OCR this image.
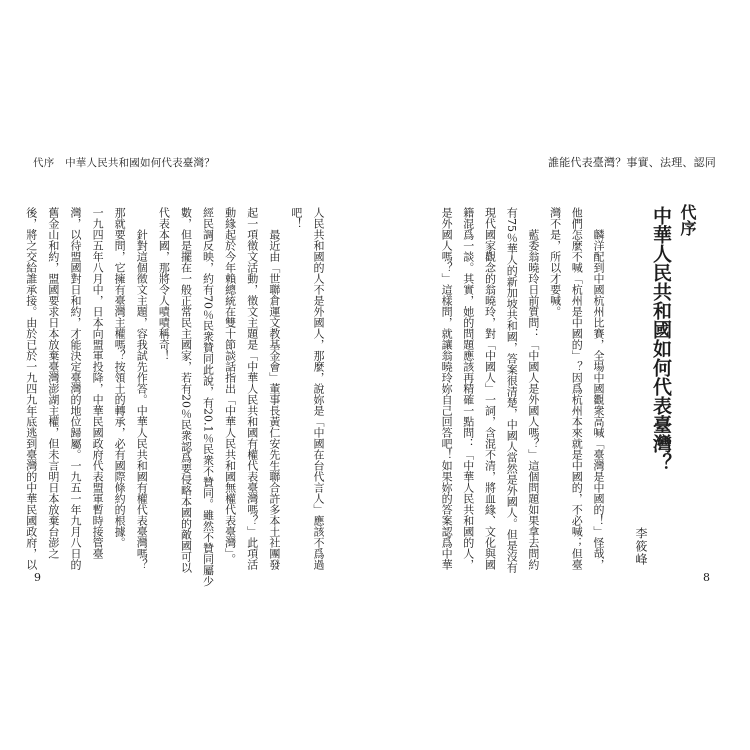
代序　中華人民共和國如何代表臺灣？
人民共和國的人不是外國人，那麼，說妳是「中國在台代言人」應該不爲過
吧！
最近由「世聯倉運文教基金會」董事長黃仁安先生聯合許多本土社團發
起一項徵文活動，徵文主題是「中華人民共和國有權代表臺灣嗎？」此項活
動緣起於今年賴總統在雙十節談話指出「中華人民共和國無權代表臺灣」。
經民調反映，約有70％民衆贊同此說，有20.1％民衆不贊同。雖然不贊同屬少
數，但是擺在一般正常民主國家，若有20％民衆認爲要侵略本國的敵國可以
代表本國，那將令人嘖嘖稱奇！
針對這個徵文主題，容我試先作答。中華人民共和國有權代表臺灣嗎？
那就要問，它擁有臺灣主權嗎？按領土的轉承，必有國際條約的根據。
一九四五年八月中，日本向盟軍投降，中華民國政府代表盟軍暫時接管臺
灣，以待盟國對日和約，才能決定臺灣的地位歸屬。一九五一年九月八日的
舊金山和約，盟國要求日本放棄臺灣澎湖主權，但未言明日本放棄台澎之
後，將之交給誰承接。由於已於一九四九年底逃到臺灣的中華民國政府，以
9
誰能代表臺灣？事實、法理、認同
代序
中華人民共和國如何代表臺灣？
李筱峰
麟洋配到中國杭州比賽，全場中國觀衆高喊「臺灣是中國的！」怪哉，
他們怎麼不喊「杭州是中國的」？因爲杭州本來就是中國的，不必喊；但臺
灣不是，所以才要喊。
藍委翁曉玲日前質問：「中國人是外國人嗎？」這個問題如果拿去問約
有75％華人的新加坡共和國，答案很清楚，中國人當然是外國人。但是沒有
現代國家觀念的翁曉玲，對「中國人」一詞，含混不清，將血緣、文化與國
籍混爲一談。其實，她的問題應該再精確一點問：「中華人民共和國的人，
是外國人嗎？」這樣問，就讓翁曉玲妳自己回答吧！如果妳的答案認爲中華
8
